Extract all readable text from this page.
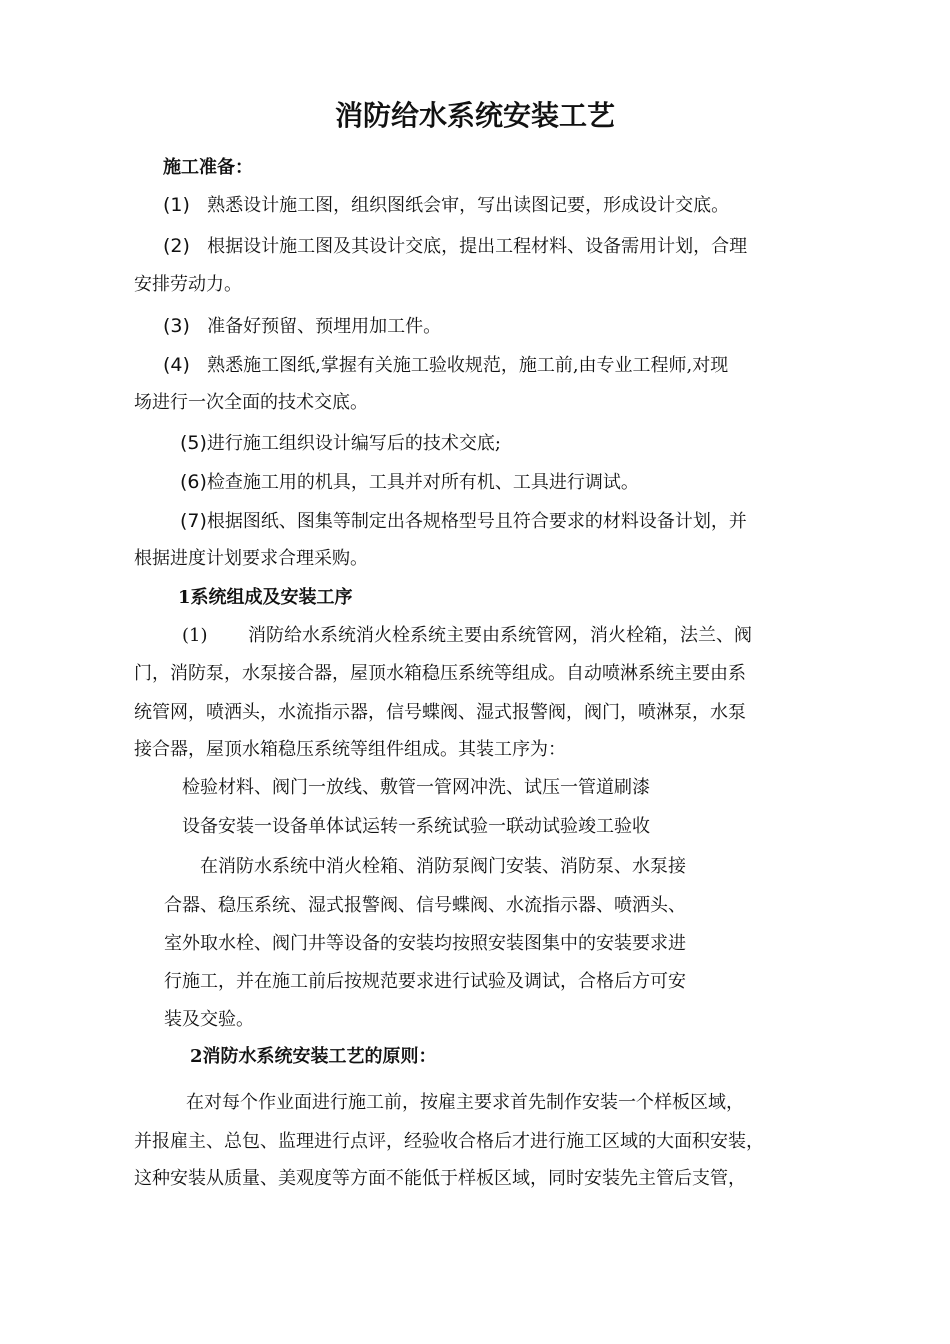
消防给水系统安装工艺
施工准备：
(1) 熟悉设计施工图，组织图纸会审，写出读图记要，形成设计交底。
(2) 根据设计施工图及其设计交底，提出工程材料、设备需用计划，合理
安排劳动力。
(3) 准备好预留、预埋用加工件。
(4) 熟悉施工图纸,掌握有关施工验收规范，施工前,由专业工程师,对现
场进行一次全面的技术交底。
(5)进行施工组织设计编写后的技术交底;
(6)检查施工用的机具，工具并对所有机、工具进行调试。
(7)根据图纸、图集等制定出各规格型号且符合要求的材料设备计划，并
根据进度计划要求合理采购。
1系统组成及安装工序
(1) 消防给水系统消火栓系统主要由系统管网，消火栓箱，法兰、阀
门，消防泵，水泵接合器，屋顶水箱稳压系统等组成。自动喷淋系统主要由系
统管网，喷洒头，水流指示器，信号蝶阀、湿式报警阀，阀门，喷淋泵，水泵
接合器，屋顶水箱稳压系统等组件组成。其装工序为：
检验材料、阀门一放线、敷管一管网冲洗、试压一管道刷漆
设备安装一设备单体试运转一系统试验一联动试验竣工验收
在消防水系统中消火栓箱、消防泵阀门安装、消防泵、水泵接
合器、稳压系统、湿式报警阀、信号蝶阀、水流指示器、喷洒头、
室外取水栓、阀门井等设备的安装均按照安装图集中的安装要求进
行施工，并在施工前后按规范要求进行试验及调试，合格后方可安
装及交验。
2消防水系统安装工艺的原则：
在对每个作业面进行施工前，按雇主要求首先制作安装一个样板区域，
并报雇主、总包、监理进行点评，经验收合格后才进行施工区域的大面积安装，
这种安装从质量、美观度等方面不能低于样板区域，同时安装先主管后支管，
